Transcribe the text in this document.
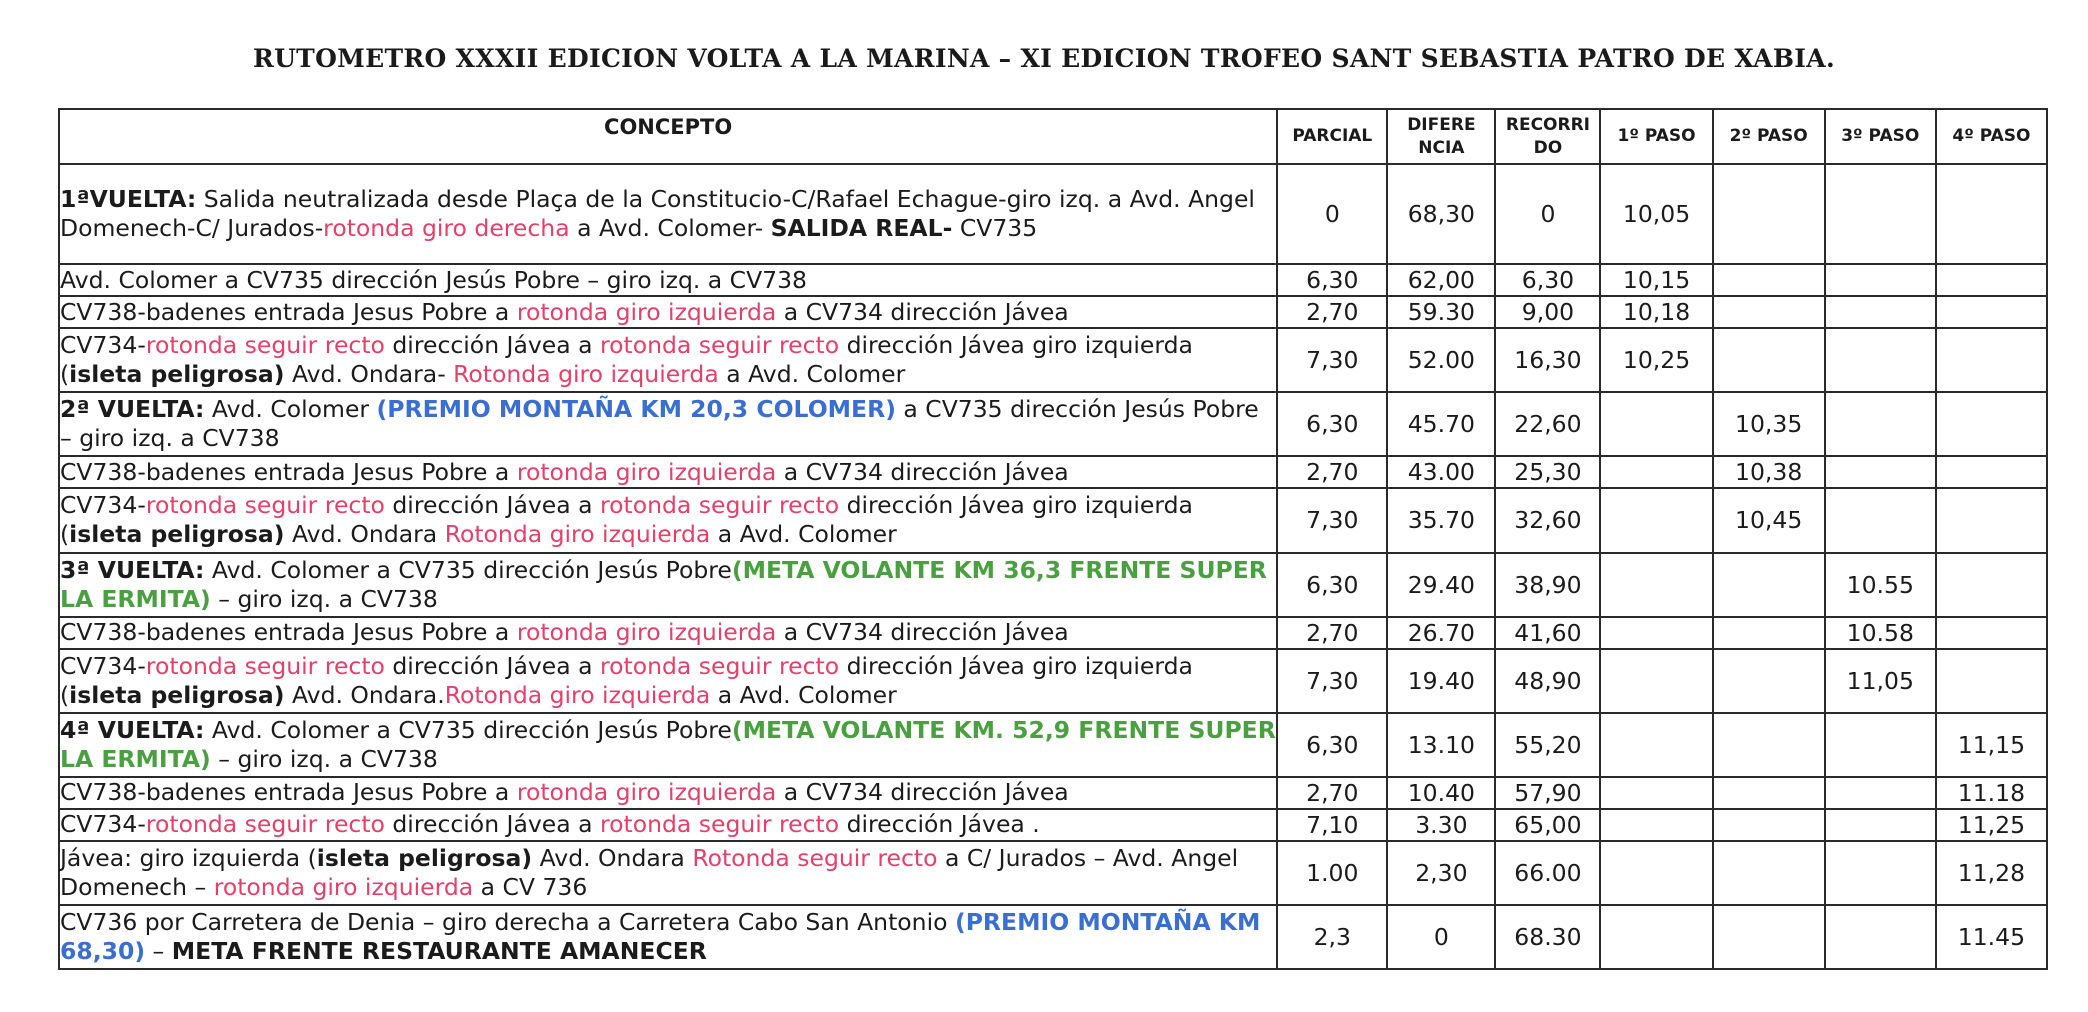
RUTOMETRO XXXII EDICION VOLTA A LA MARINA – XI EDICION TROFEO SANT SEBASTIA PATRO DE XABIA.
CONCEPTO	PARCIAL	DIFERE NCIA	RECORRI DO	1º PASO	2º PASO	3º PASO	4º PASO
1ªVUELTA: Salida neutralizada desde Plaça de la Constitucio-C/Rafael Echague-giro izq. a Avd. Angel Domenech-C/ Jurados-rotonda giro derecha a Avd. Colomer- SALIDA REAL- CV735	0	68,30	0	10,05			
Avd. Colomer a CV735 dirección Jesús Pobre – giro izq. a CV738	6,30	62,00	6,30	10,15			
CV738-badenes entrada Jesus Pobre a rotonda giro izquierda a CV734 dirección Jávea	2,70	59.30	9,00	10,18			
CV734-rotonda seguir recto dirección Jávea a rotonda seguir recto dirección Jávea giro izquierda (isleta peligrosa) Avd. Ondara- Rotonda giro izquierda a Avd. Colomer	7,30	52.00	16,30	10,25			
2ª VUELTA: Avd. Colomer (PREMIO MONTAÑA KM 20,3 COLOMER) a CV735 dirección Jesús Pobre – giro izq. a CV738	6,30	45.70	22,60		10,35		
CV738-badenes entrada Jesus Pobre a rotonda giro izquierda a CV734 dirección Jávea	2,70	43.00	25,30		10,38		
CV734-rotonda seguir recto dirección Jávea a rotonda seguir recto dirección Jávea giro izquierda (isleta peligrosa) Avd. Ondara Rotonda giro izquierda a Avd. Colomer	7,30	35.70	32,60		10,45		
3ª VUELTA: Avd. Colomer a CV735 dirección Jesús Pobre(META VOLANTE KM 36,3 FRENTE SUPER LA ERMITA) – giro izq. a CV738	6,30	29.40	38,90			10.55	
CV738-badenes entrada Jesus Pobre a rotonda giro izquierda a CV734 dirección Jávea	2,70	26.70	41,60			10.58	
CV734-rotonda seguir recto dirección Jávea a rotonda seguir recto dirección Jávea giro izquierda (isleta peligrosa) Avd. Ondara.Rotonda giro izquierda a Avd. Colomer	7,30	19.40	48,90			11,05	
4ª VUELTA: Avd. Colomer a CV735 dirección Jesús Pobre(META VOLANTE KM. 52,9 FRENTE SUPER LA ERMITA) – giro izq. a CV738	6,30	13.10	55,20				11,15
CV738-badenes entrada Jesus Pobre a rotonda giro izquierda a CV734 dirección Jávea	2,70	10.40	57,90				11.18
CV734-rotonda seguir recto dirección Jávea a rotonda seguir recto dirección Jávea .	7,10	3.30	65,00				11,25
Jávea: giro izquierda (isleta peligrosa) Avd. Ondara Rotonda seguir recto a C/ Jurados – Avd. Angel Domenech – rotonda giro izquierda a CV 736	1.00	2,30	66.00				11,28
CV736 por Carretera de Denia – giro derecha a Carretera Cabo San Antonio (PREMIO MONTAÑA KM 68,30) – META FRENTE RESTAURANTE AMANECER	2,3	0	68.30				11.45
